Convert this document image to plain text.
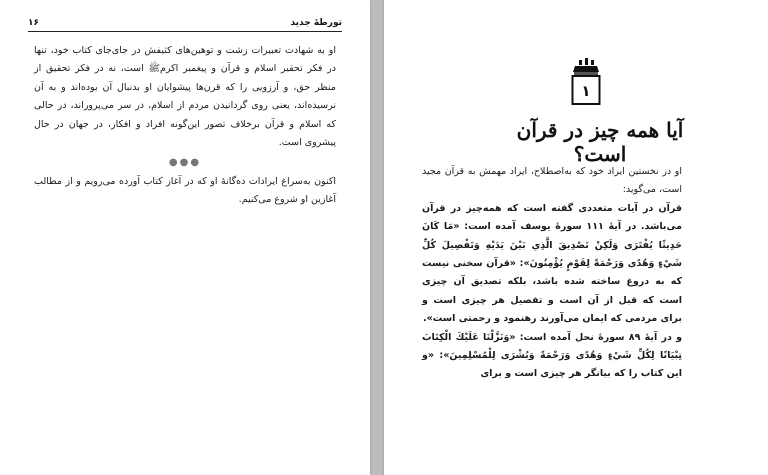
۱۶	تورطهٔ جدید
او به شهادت تعبیرات زشت و توهین‌های کثیفش در جای‌جای کتاب خود، تنها در فکر تحقیر اسلام و قرآن و پیغمبر اکرمﷺ است، نه در فکر تحقیق از منظر حق، و آرزویی را که قرن‌ها پیشوایان او بدنبال آن بوده‌اند و به آن نرسیده‌اند، یعنی روی گردانیدن مردم از اسلام، در سر می‌پروراند، در حالی که اسلام و قرآن برخلاف تصور این‌گونه افراد و افکار، در جهان در حال پیشروی است.
●●●
اکنون به‌سراغ ایرادات ده‌گانهٔ او که در آغاز کتاب آورده می‌رویم و از مطالب آغازین او شروع می‌کنیم.
۱
آیا همه چیز در قرآن است؟

او در نخستین ایراد خود که به‌اصطلاح، ایراد مهمش به قرآن مجید است، می‌گوید:

قرآن در آیات متعددی گفته است که همه‌چیز در قرآن می‌باشد. در آیهٔ ۱۱۱ سورهٔ یوسف آمده است: «مَا كَانَ حَدِيثًا يُفْتَرَى وَلَكِنْ تَصْدِيقَ الَّذِي بَيْنَ يَدَيْهِ وَتَفْصِيلَ كُلِّ شَيْءٍ وَهُدًى وَرَحْمَةً لِقَوْمٍ يُؤْمِنُونَ»: «قرآن سخنی نیست که به دروغ ساخته شده باشد، بلکه تصدیق آن چیزی است که قبل از آن است و تفصیل هر چیزی است و برای مردمی که ایمان می‌آورند رهنمود و رحمتی است».

و در آیهٔ ۸۹ سورهٔ نحل آمده است: «وَنَزَّلْنَا عَلَيْكَ الْكِتَابَ تِبْيَانًا لِكُلِّ شَيْءٍ وَهُدًى وَرَحْمَةً وَبُشْرَى لِلْمُسْلِمِينَ»: «و این کتاب را که بیانگر هر چیزی است و برای
